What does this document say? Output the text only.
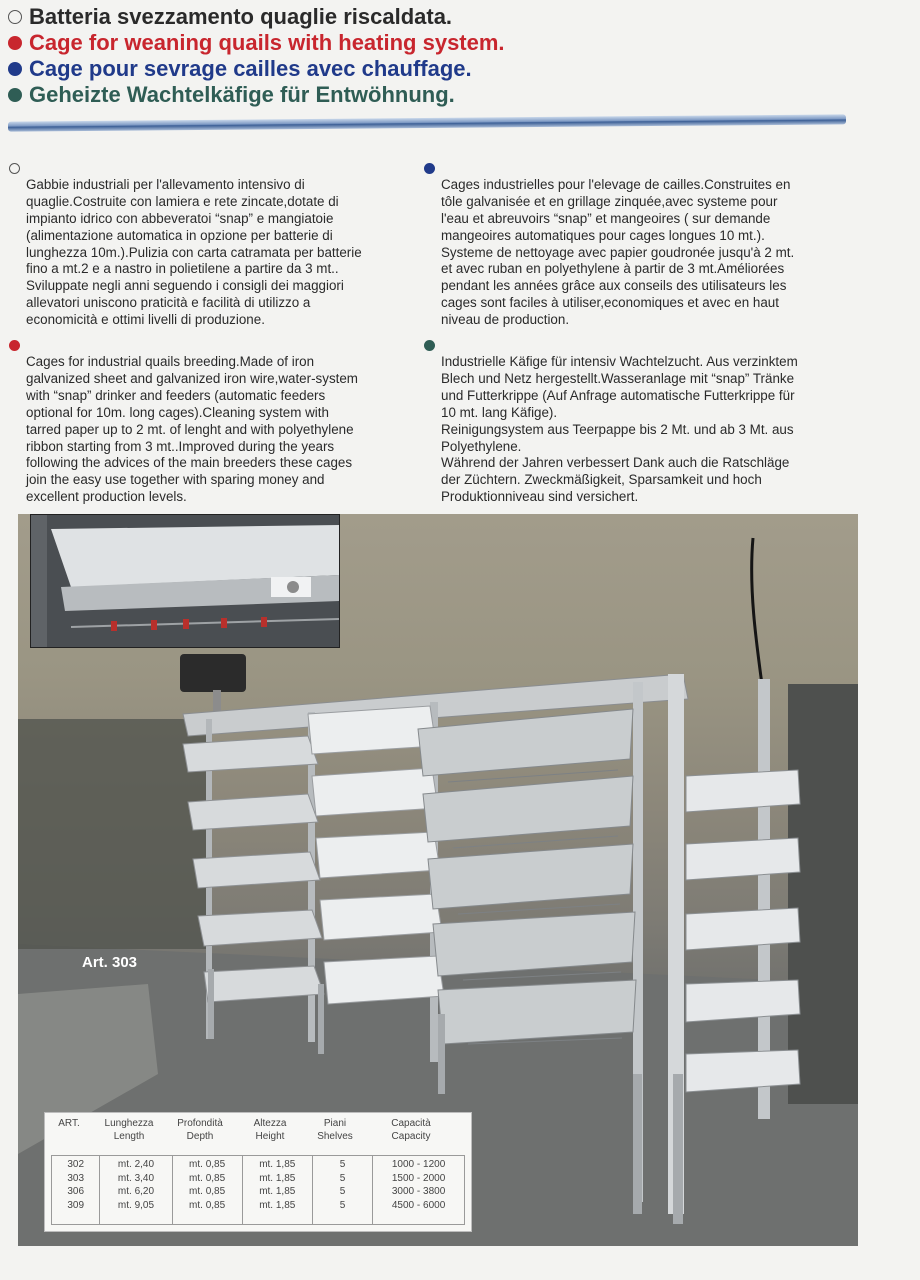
Batteria svezzamento quaglie riscaldata.
Cage for weaning quails with heating system.
Cage pour sevrage cailles avec chauffage.
Geheizte Wachtelkäfige für Entwöhnung.

Gabbie industriali per l'allevamento intensivo di
quaglie.Costruite con lamiera e rete zincate,dotate di
impianto idrico con abbeveratoi “snap” e mangiatoie
(alimentazione automatica in opzione per batterie di
lunghezza 10m.).Pulizia con carta catramata per batterie
fino a mt.2 e a nastro in polietilene a partire da 3 mt..
Sviluppate negli anni seguendo i consigli dei maggiori
allevatori uniscono praticità e facilità di utilizzo a
economicità e ottimi livelli di produzione.

Cages for industrial quails breeding.Made of iron
galvanized sheet and galvanized iron wire,water-system
with “snap” drinker and feeders (automatic feeders
optional for 10m. long cages).Cleaning system with
tarred paper up to 2 mt. of lenght and with polyethylene
ribbon starting from 3 mt..Improved during the years
following the advices of the main breeders these cages
join the easy use together with sparing money and
excellent production levels.

Cages industrielles pour l'elevage de cailles.Construites en
tôle galvanisée et en grillage zinquée,avec systeme pour
l'eau et abreuvoirs “snap” et mangeoires ( sur demande
mangeoires automatiques pour cages longues 10 mt.).
Systeme de nettoyage avec papier goudronée jusqu'à 2 mt.
et avec ruban en polyethylene à partir de 3 mt.Améliorées
pendant les années grâce aux conseils des utilisateurs les
cages sont faciles à utiliser,economiques et avec en haut
niveau de production.

Industrielle Käfige für intensiv Wachtelzucht. Aus verzinktem
Blech und Netz hergestellt.Wasseranlage mit “snap” Tränke
und Futterkrippe (Auf Anfrage automatische Futterkrippe für
10 mt. lang Käfige).
Reinigungsystem aus Teerpappe bis 2 Mt. und ab 3 Mt. aus
Polyethylene.
Während der Jahren verbessert Dank auch die Ratschläge
der Züchtern. Zweckmäßigkeit, Sparsamkeit und hoch
Produktionniveau sind versichert.

Art. 303
ART.	Lunghezza
Length
Profondità
Depth
Altezza
Height
Piani
Shelves
Capacità
Capacity
302
303
306
309
mt. 2,40
mt. 3,40
mt. 6,20
mt. 9,05
mt. 0,85
mt. 0,85
mt. 0,85
mt. 0,85
mt. 1,85
mt. 1,85
mt. 1,85
mt. 1,85
5
5
5
5
1000 - 1200
1500 - 2000
3000 - 3800
4500 - 6000
